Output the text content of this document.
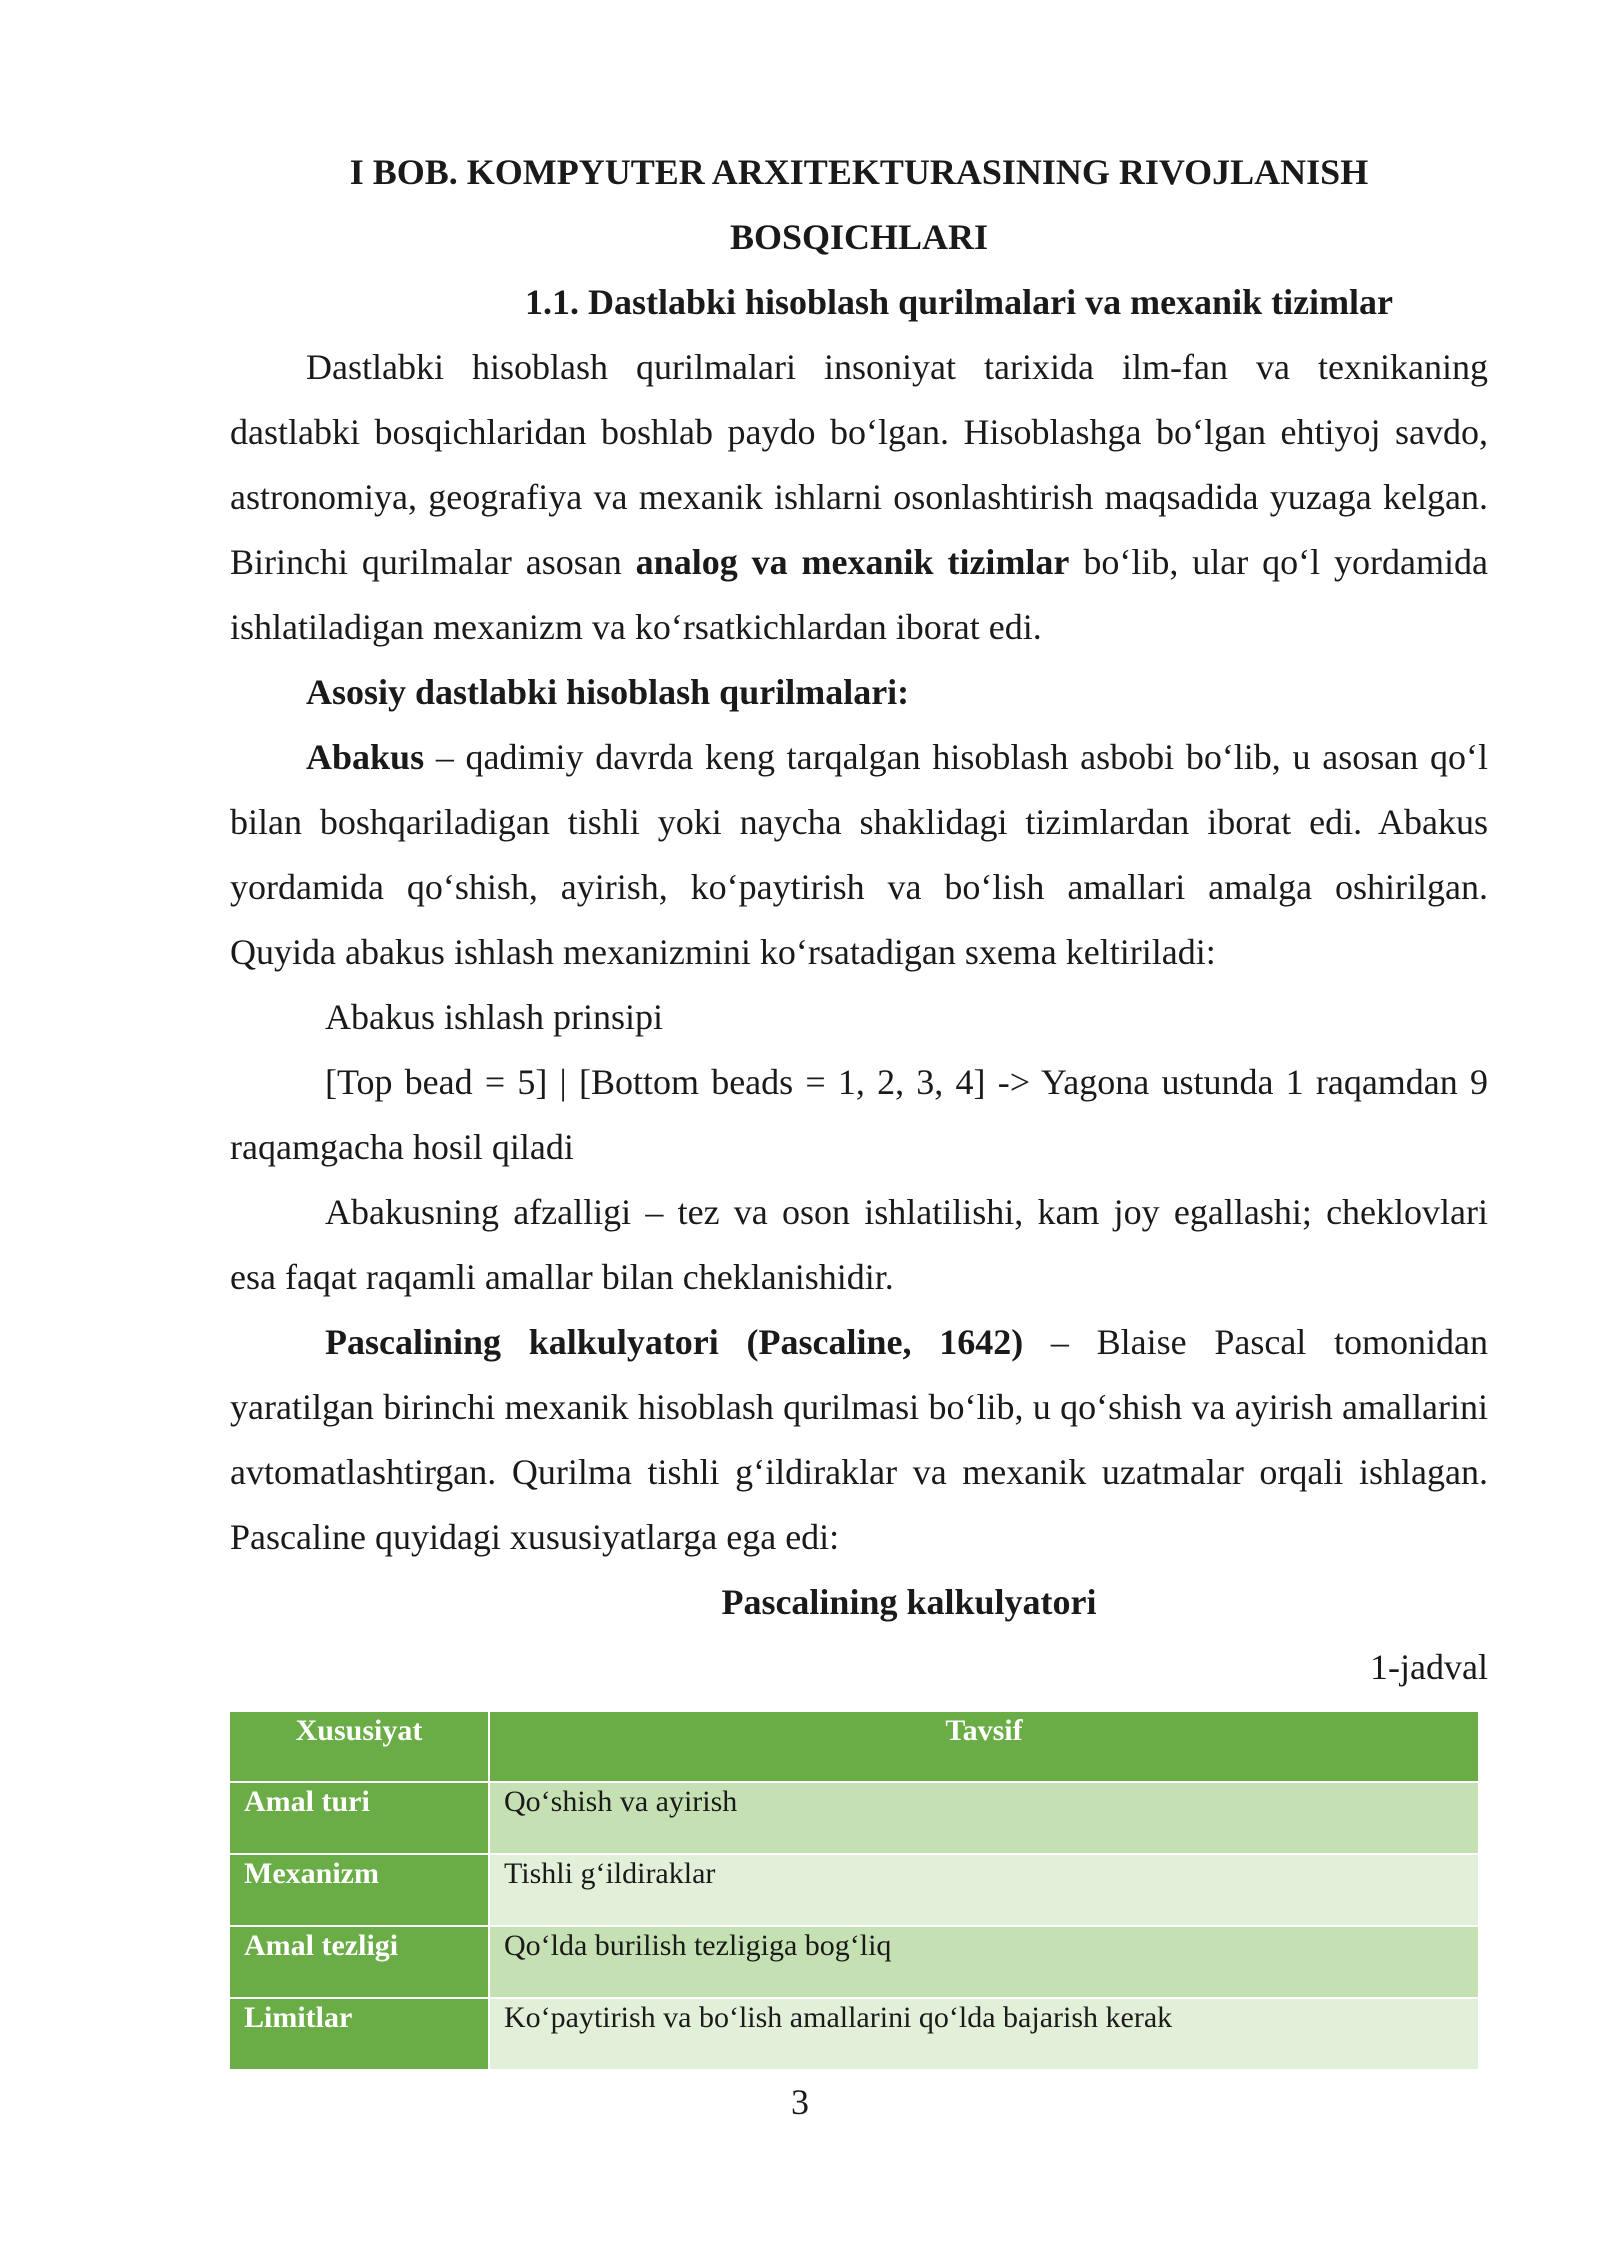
I BOB. KOMPYUTER ARXITEKTURASINING RIVOJLANISH

BOSQICHLARI

1.1. Dastlabki hisoblash qurilmalari va mexanik tizimlar

Dastlabki hisoblash qurilmalari insoniyat tarixida ilm-fan va texnikaning dastlabki bosqichlaridan boshlab paydo bo‘lgan. Hisoblashga bo‘lgan ehtiyoj savdo, astronomiya, geografiya va mexanik ishlarni osonlashtirish maqsadida yuzaga kelgan. Birinchi qurilmalar asosan analog va mexanik tizimlar bo‘lib, ular qo‘l yordamida ishlatiladigan mexanizm va ko‘rsatkichlardan iborat edi.

Asosiy dastlabki hisoblash qurilmalari:

Abakus – qadimiy davrda keng tarqalgan hisoblash asbobi bo‘lib, u asosan qo‘l bilan boshqariladigan tishli yoki naycha shaklidagi tizimlardan iborat edi. Abakus yordamida qo‘shish, ayirish, ko‘paytirish va bo‘lish amallari amalga oshirilgan. Quyida abakus ishlash mexanizmini ko‘rsatadigan sxema keltiriladi:

Abakus ishlash prinsipi

[Top bead = 5] | [Bottom beads = 1, 2, 3, 4] -> Yagona ustunda 1 raqamdan 9 raqamgacha hosil qiladi

Abakusning afzalligi – tez va oson ishlatilishi, kam joy egallashi; cheklovlari esa faqat raqamli amallar bilan cheklanishidir.

Pascalining kalkulyatori (Pascaline, 1642) – Blaise Pascal tomonidan yaratilgan birinchi mexanik hisoblash qurilmasi bo‘lib, u qo‘shish va ayirish amallarini avtomatlashtirgan. Qurilma tishli g‘ildiraklar va mexanik uzatmalar orqali ishlagan. Pascaline quyidagi xususiyatlarga ega edi:

Pascalining kalkulyatori

1-jadval

Xususiyat	Tavsif
Amal turi	Qo‘shish va ayirish
Mexanizm	Tishli g‘ildiraklar
Amal tezligi	Qo‘lda burilish tezligiga bog‘liq
Limitlar	Ko‘paytirish va bo‘lish amallarini qo‘lda bajarish kerak
3
